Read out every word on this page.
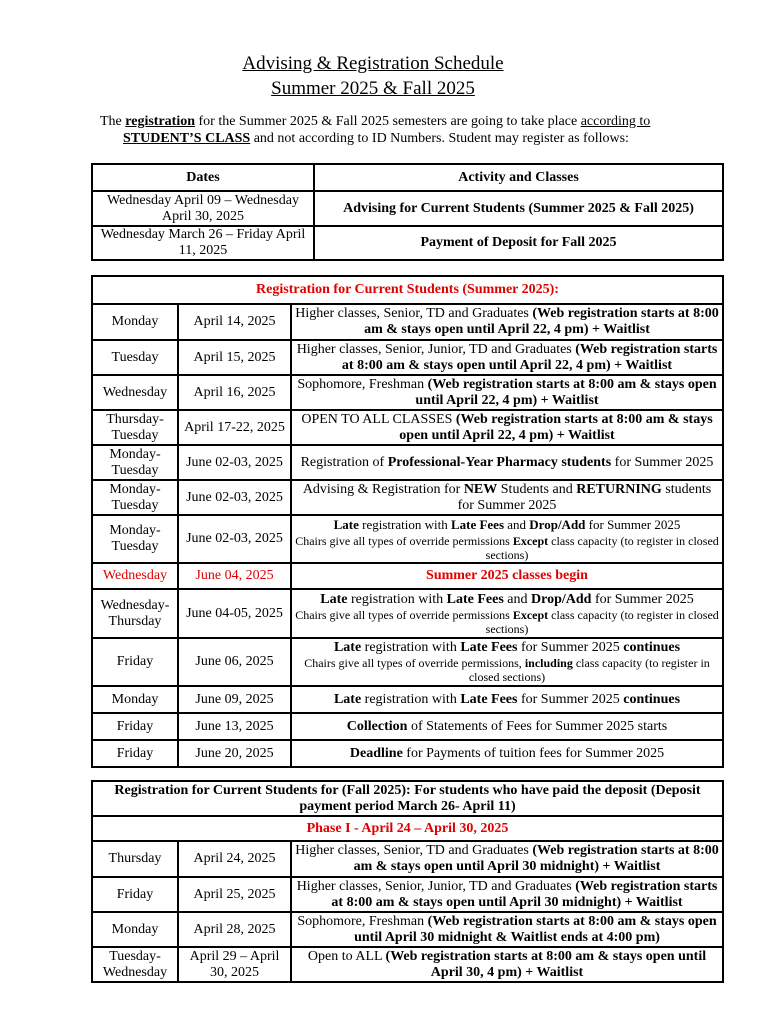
Advising & Registration Schedule
Summer 2025 & Fall 2025
The registration for the Summer 2025 & Fall 2025 semesters are going to take place according to
STUDENT’S CLASS and not according to ID Numbers. Student may register as follows:
Dates	Activity and Classes
Wednesday April 09 – Wednesday April 30, 2025	Advising for Current Students (Summer 2025 & Fall 2025)
Wednesday March 26 – Friday April 11, 2025	Payment of Deposit for Fall 2025
Registration for Current Students (Summer 2025):		
Monday	April 14, 2025	Higher classes, Senior, TD and Graduates (Web registration starts at 8:00 am & stays open until April 22, 4 pm) + Waitlist
Tuesday	April 15, 2025	Higher classes, Senior, Junior, TD and Graduates (Web registration starts at 8:00 am & stays open until April 22, 4 pm) + Waitlist
Wednesday	April 16, 2025	Sophomore, Freshman (Web registration starts at 8:00 am & stays open until April 22, 4 pm) + Waitlist
Thursday-Tuesday	April 17-22, 2025	OPEN TO ALL CLASSES (Web registration starts at 8:00 am & stays open until April 22, 4 pm) + Waitlist
Monday-Tuesday	June 02-03, 2025	Registration of Professional-Year Pharmacy students for Summer 2025
Monday-Tuesday	June 02-03, 2025	Advising & Registration for NEW Students and RETURNING students for Summer 2025
Monday-Tuesday	June 02-03, 2025	Late registration with Late Fees and Drop/Add for Summer 2025
Chairs give all types of override permissions Except class capacity (to register in closed sections)

Wednesday	June 04, 2025	Summer 2025 classes begin
Wednesday-Thursday	June 04-05, 2025	Late registration with Late Fees and Drop/Add for Summer 2025
Chairs give all types of override permissions Except class capacity (to register in closed sections)

Friday	June 06, 2025	Late registration with Late Fees for Summer 2025 continues
Chairs give all types of override permissions, including class capacity (to register in closed sections)

Monday	June 09, 2025	Late registration with Late Fees for Summer 2025 continues
Friday	June 13, 2025	Collection of Statements of Fees for Summer 2025 starts
Friday	June 20, 2025	Deadline for Payments of tuition fees for Summer 2025
Registration for Current Students for (Fall 2025): For students who have paid the deposit (Deposit payment period March 26- April 11)		
Phase I - April 24 – April 30, 2025		
Thursday	April 24, 2025	Higher classes, Senior, TD and Graduates (Web registration starts at 8:00 am & stays open until April 30 midnight) + Waitlist
Friday	April 25, 2025	Higher classes, Senior, Junior, TD and Graduates (Web registration starts at 8:00 am & stays open until April 30 midnight) + Waitlist
Monday	April 28, 2025	Sophomore, Freshman (Web registration starts at 8:00 am & stays open until April 30 midnight & Waitlist ends at 4:00 pm)
Tuesday-Wednesday	April 29 – April 30, 2025	Open to ALL (Web registration starts at 8:00 am & stays open until April 30, 4 pm) + Waitlist
